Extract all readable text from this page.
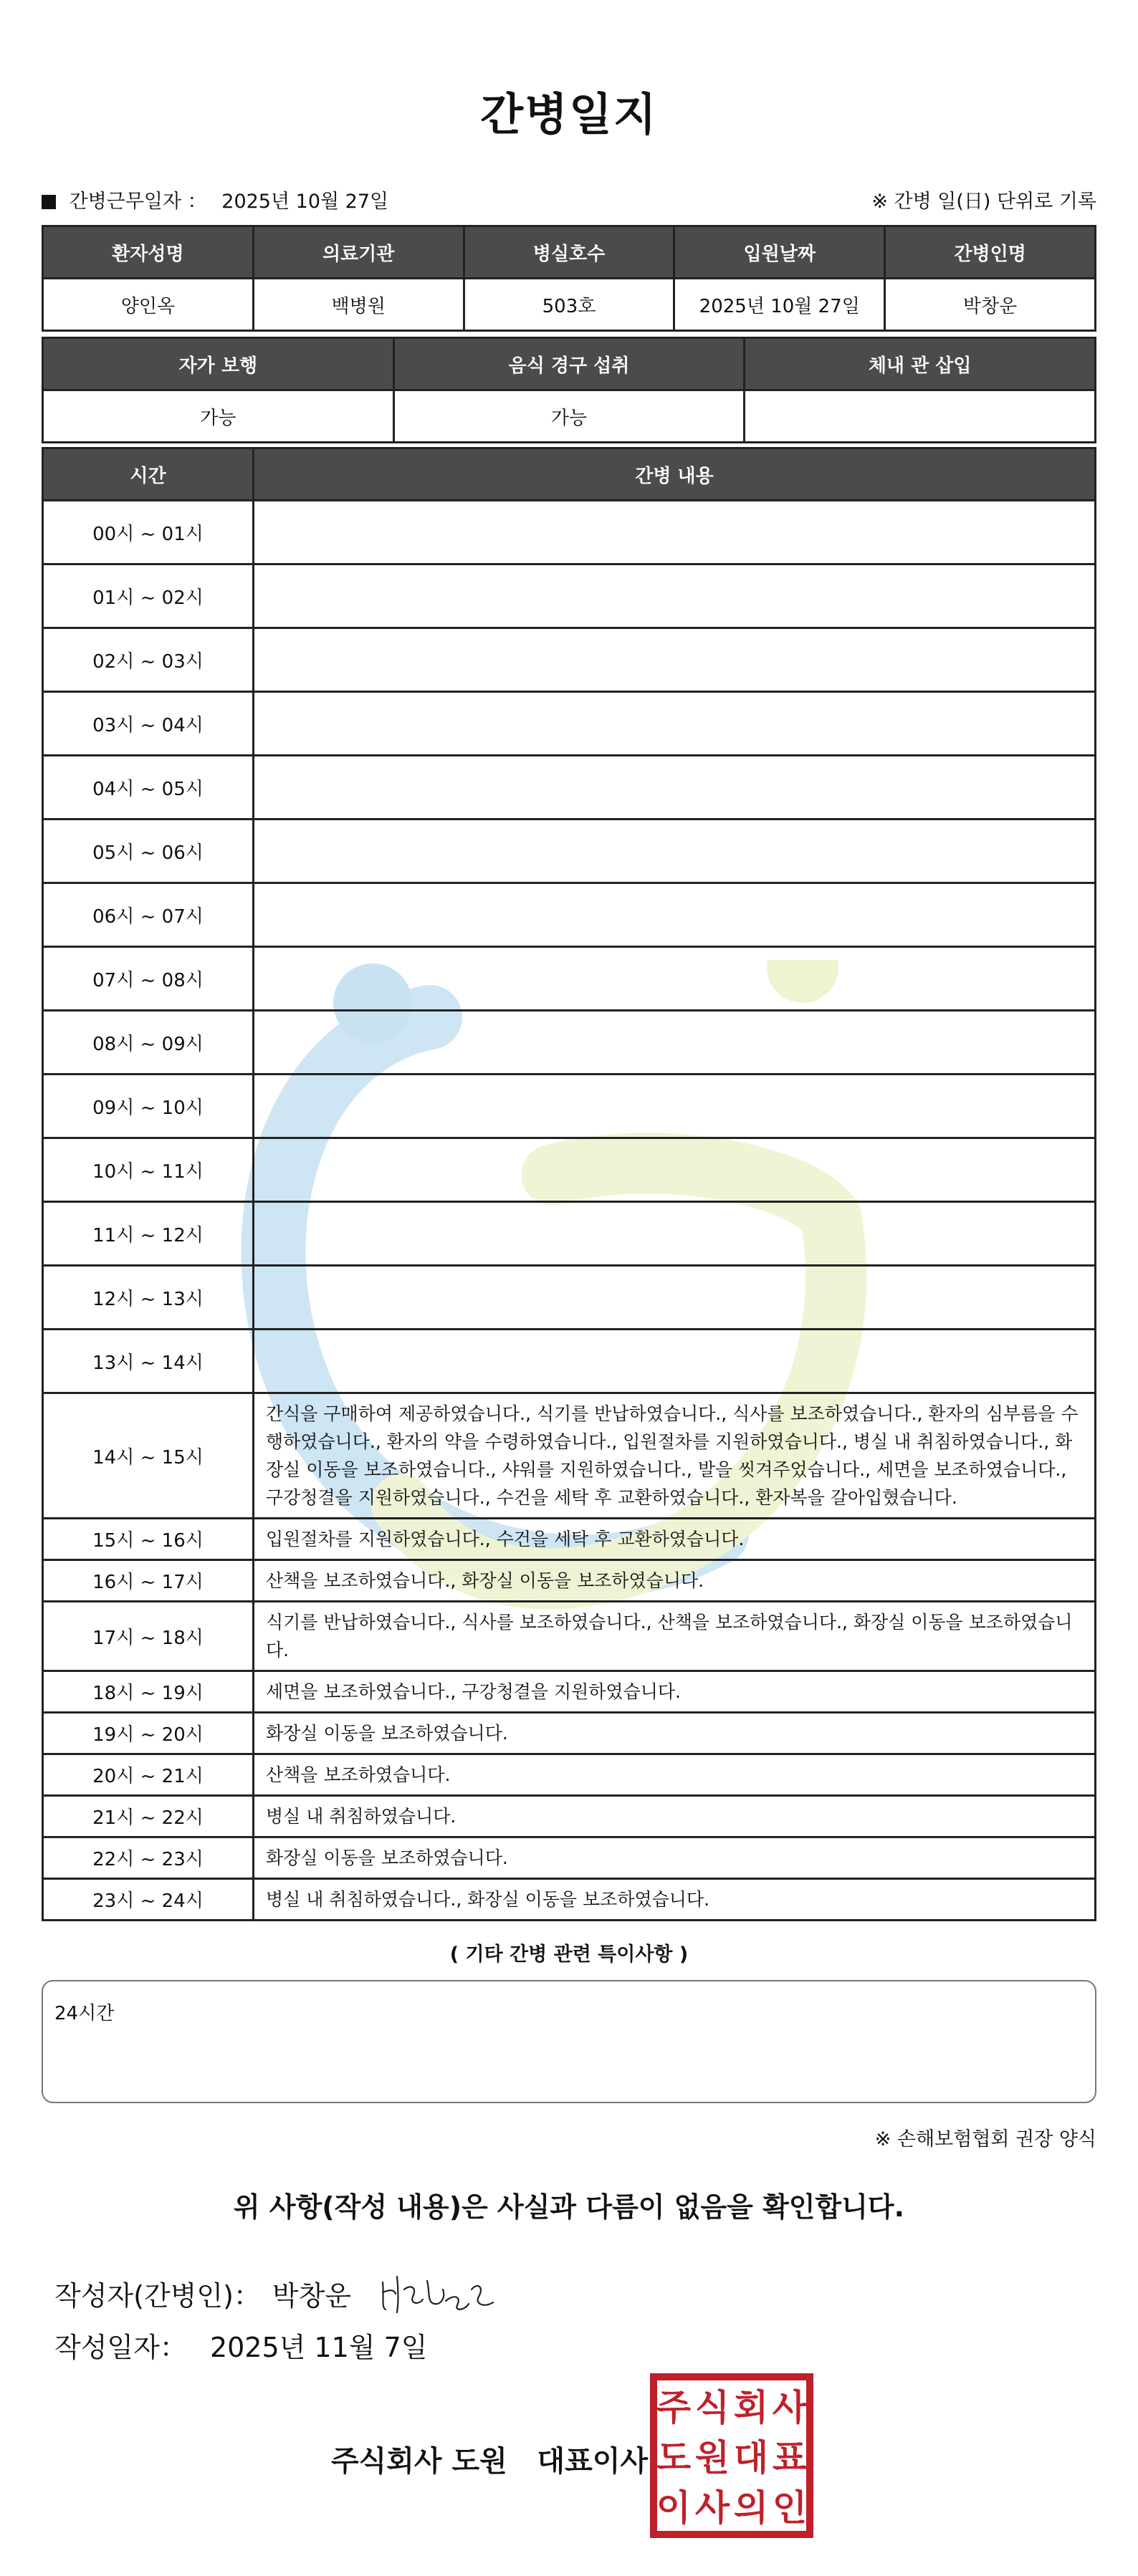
간병일지
간병근무일자 ： 2025년 10월 27일	※ 간병 일(日) 단위로 기록
환자성명	의료기관	병실호수	입원날짜	간병인명
양인옥	백병원	503호	2025년 10월 27일	박창운
자가 보행	음식 경구 섭취	체내 관 삽입
가능	가능	
시간	간병 내용
00시 ~ 01시	
01시 ~ 02시	
02시 ~ 03시	
03시 ~ 04시	
04시 ~ 05시	
05시 ~ 06시	
06시 ~ 07시	
07시 ~ 08시	
08시 ~ 09시	
09시 ~ 10시	
10시 ~ 11시	
11시 ~ 12시	
12시 ~ 13시	
13시 ~ 14시	
14시 ~ 15시	간식을 구매하여 제공하였습니다., 식기를 반납하였습니다., 식사를 보조하였습니다., 환자의 심부름을 수행하였습니다., 환자의 약을 수령하였습니다., 입원절차를 지원하였습니다., 병실 내 취침하였습니다., 화장실 이동을 보조하였습니다., 샤워를 지원하였습니다., 발을 씻겨주었습니다., 세면을 보조하였습니다., 구강청결을 지원하였습니다., 수건을 세탁 후 교환하였습니다., 환자복을 갈아입혔습니다.
15시 ~ 16시	입원절차를 지원하였습니다., 수건을 세탁 후 교환하였습니다.
16시 ~ 17시	산책을 보조하였습니다., 화장실 이동을 보조하였습니다.
17시 ~ 18시	식기를 반납하였습니다., 식사를 보조하였습니다., 산책을 보조하였습니다., 화장실 이동을 보조하였습니다.
18시 ~ 19시	세면을 보조하였습니다., 구강청결을 지원하였습니다.
19시 ~ 20시	화장실 이동을 보조하였습니다.
20시 ~ 21시	산책을 보조하였습니다.
21시 ~ 22시	병실 내 취침하였습니다.
22시 ~ 23시	화장실 이동을 보조하였습니다.
23시 ~ 24시	병실 내 취침하였습니다., 화장실 이동을 보조하였습니다.
( 기타 간병 관련 특이사항 )
24시간
※ 손해보험협회 권장 양식
위 사항(작성 내용)은 사실과 다름이 없음을 확인합니다.
작성자(간병인)： 박창운
작성일자： 2025년 11월 7일
주식회사 도원   대표이사
주 식 회 사
도 원 대 표
이 사 의 인
